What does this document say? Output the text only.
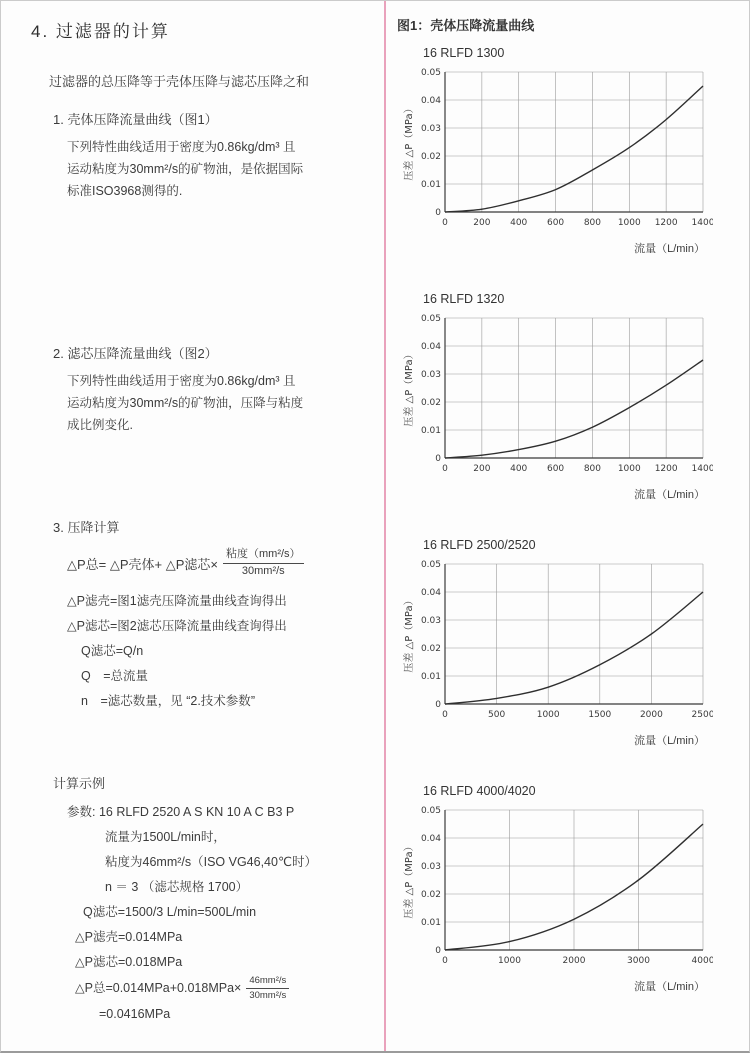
4. 过滤器的计算
过滤器的总压降等于壳体压降与滤芯压降之和
1. 壳体压降流量曲线（图1）
下列特性曲线适用于密度为0.86kg/dm³ 且
运动粘度为30mm²/s的矿物油，是依据国际
标准ISO3968测得的.
2. 滤芯压降流量曲线（图2）
下列特性曲线适用于密度为0.86kg/dm³ 且
运动粘度为30mm²/s的矿物油，压降与粘度
成比例变化.
3. 压降计算
△P总= △P壳体+ △P滤芯× $\frac{\text{粘度（mm²/s）}}{\text{30mm²/s}}$
△P滤壳=图1滤壳压降流量曲线查询得出
△P滤芯=图2滤芯压降流量曲线查询得出
Q滤芯=Q/n
Q　=总流量
n　=滤芯数量，见 “2.技术参数”
计算示例
参数: 16 RLFD 2520 A S KN 10 A C B3 P
流量为1500L/min时，
粘度为46mm²/s（ISO VG46,40℃时）
n ＝ 3 （滤芯规格 1700）
Q滤芯=1500/3 L/min=500L/min
△P滤壳=0.014MPa
△P滤芯=0.018MPa
△P总$=0.014MPa+0.018MPa\times \frac{\text{46mm²/s}}{\text{30mm²/s}}$
=0.0416MPa
图1：壳体压降流量曲线
16 RLFD 1300
0
0.01
0.02
0.03
0.04
0.05
0	200 400 600 800 1000 1200 1400
压差 △P（MPa）
流量（L/min）
16 RLFD 1320
0
0.01
0.02
0.03
0.04
0.05
0	200 400 600 800 1000 1200 1400
压差 △P（MPa）
流量（L/min）
16 RLFD 2500/2520
0
0.01
0.02
0.03
0.04
0.05
0	500	1000	1500	2000	2500
压差 △P（MPa）
流量（L/min）
16 RLFD 4000/4020
0
0.01
0.02
0.03
0.04
0.05
0	1000	2000	3000	4000
压差 △P（MPa）
流量（L/min）
